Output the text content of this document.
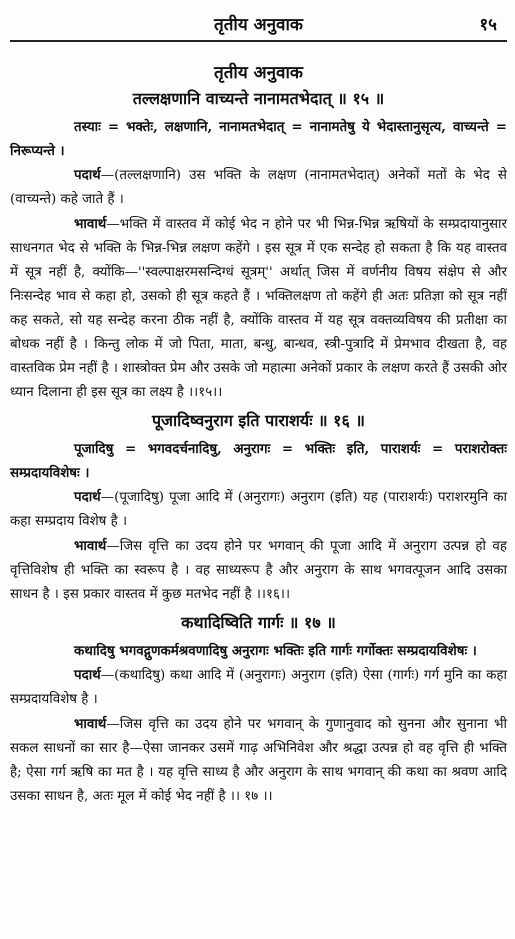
तृतीय अनुवाक	१५
तृतीय अनुवाक
तल्लक्षणानि वाच्यन्ते नानामतभेदात् ॥ १५ ॥

तस्याः = भक्तेः, लक्षणानि, नानामतभेदात् = नानामतेषु ये भेदास्तानुसृत्य, वाच्यन्ते = निरूप्यन्ते ।

पदार्थ—(तल्लक्षणानि) उस भक्ति के लक्षण (नानामतभेदात्) अनेकों मतों के भेद से (वाच्यन्ते) कहे जाते हैं ।

भावार्थ—भक्ति में वास्तव में कोई भेद न होने पर भी भिन्न-भिन्न ऋषियों के सम्प्रदायानुसार साधनगत भेद से भक्ति के भिन्न-भिन्न लक्षण कहेंगे । इस सूत्र में एक सन्देह हो सकता है कि यह वास्तव में सूत्र नहीं है, क्योंकि—''स्वल्पाक्षरमसन्दिग्धं सूत्रम्'' अर्थात् जिस में वर्णनीय विषय संक्षेप से और निःसन्देह भाव से कहा हो, उसको ही सूत्र कहते हैं । भक्तिलक्षण तो कहेंगे ही अतः प्रतिज्ञा को सूत्र नहीं कह सकते, सो यह सन्देह करना ठीक नहीं है, क्योंकि वास्तव में यह सूत्र वक्तव्यविषय की प्रतीक्षा का बोधक नहीं है । किन्तु लोक में जो पिता, माता, बन्धु, बान्धव, स्त्री-पुत्रादि में प्रेमभाव दीखता है, वह वास्तविक प्रेम नहीं है । शास्त्रोक्त प्रेम और उसके जो महात्मा अनेकों प्रकार के लक्षण करते हैं उसकी ओर ध्यान दिलाना ही इस सूत्र का लक्ष्य है ।।१५।।

पूजादिष्वनुराग इति पाराशर्यः ॥ १६ ॥

पूजादिषु = भगवदर्चनादिषु, अनुरागः = भक्तिः इति, पाराशर्यः = पराशरोक्तः सम्प्रदायविशेषः ।

पदार्थ—(पूजादिषु) पूजा आदि में (अनुरागः) अनुराग (इति) यह (पाराशर्यः) पराशरमुनि का कहा सम्प्रदाय विशेष है ।

भावार्थ—जिस वृत्ति का उदय होने पर भगवान् की पूजा आदि में अनुराग उत्पन्न हो वह वृत्तिविशेष ही भक्ति का स्वरूप है । वह साध्यरूप है और अनुराग के साथ भगवत्पूजन आदि उसका साधन है । इस प्रकार वास्तव में कुछ मतभेद नहीं है ।।१६।।

कथादिष्विति गार्गः ॥ १७ ॥

कथादिषु भगवद्गुणकर्मश्रवणादिषु अनुरागः भक्तिः इति गार्गः गर्गोक्तः सम्प्रदायविशेषः ।

पदार्थ—(कथादिषु) कथा आदि में (अनुरागः) अनुराग (इति) ऐसा (गार्गः) गर्ग मुनि का कहा सम्प्रदायविशेष है ।

भावार्थ—जिस वृत्ति का उदय होने पर भगवान् के गुणानुवाद को सुनना और सुनाना भी सकल साधनों का सार है—ऐसा जानकर उसमें गाढ़ अभिनिवेश और श्रद्धा उत्पन्न हो वह वृत्ति ही भक्ति है; ऐसा गर्ग ऋषि का मत है । यह वृत्ति साध्य है और अनुराग के साथ भगवान् की कथा का श्रवण आदि उसका साधन है, अतः मूल में कोई भेद नहीं है ।। १७ ।।
